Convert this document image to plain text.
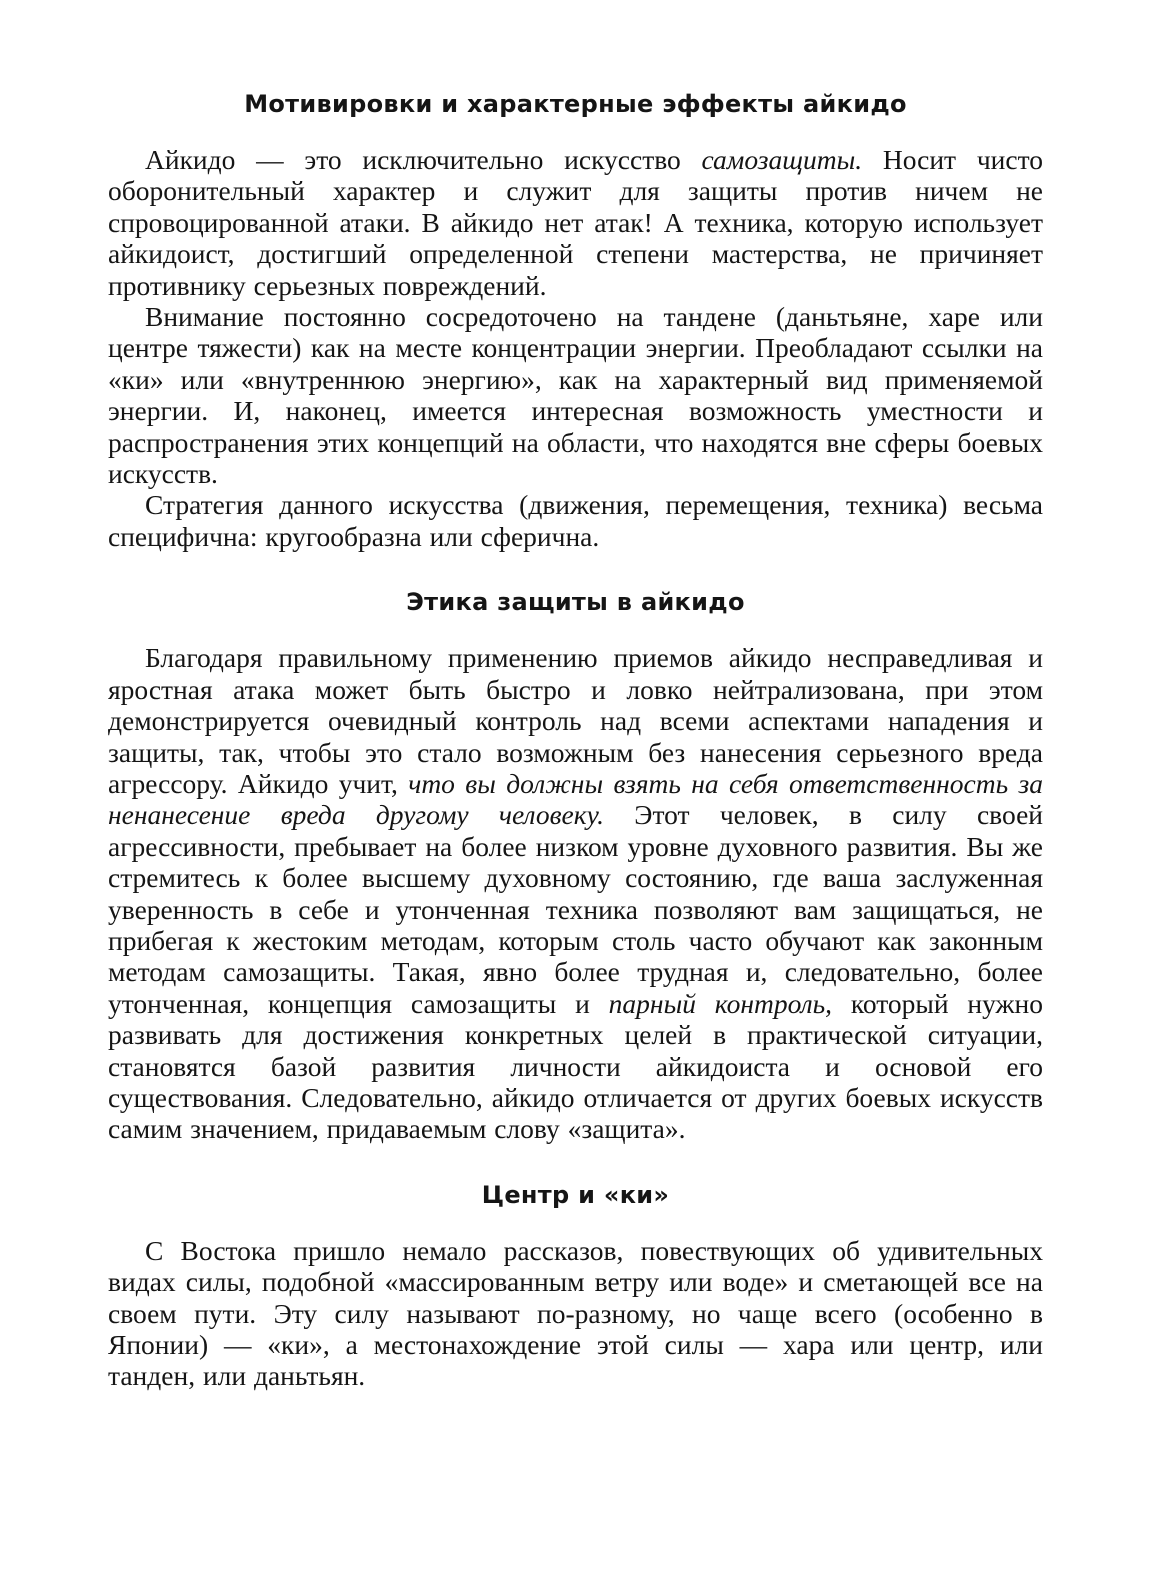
Мотивировки и характерные эффекты айкидо

Айкидо — это исключительно искусство самозащиты. Носит чисто оборонительный характер и служит для защиты против ничем не спровоцированной атаки. В айкидо нет атак! А техника, которую использует айкидоист, достигший определенной степени мастерства, не причиняет противнику серьезных повреждений.

Внимание постоянно сосредоточено на тандене (даньтьяне, харе или центре тяжести) как на месте концентрации энергии. Преобладают ссылки на «ки» или «внутреннюю энергию», как на характерный вид применяемой энергии. И, наконец, имеется интересная возможность уместности и распространения этих концепций на области, что находятся вне сферы боевых искусств.

Стратегия данного искусства (движения, перемещения, техника) весьма специфична: кругообразна или сферична.

Этика защиты в айкидо

Благодаря правильному применению приемов айкидо несправедливая и яростная атака может быть быстро и ловко нейтрализована, при этом демонстрируется очевидный контроль над всеми аспектами нападения и защиты, так, чтобы это стало возможным без нанесения серьезного вреда агрессору. Айкидо учит, что вы должны взять на себя ответственность за ненанесение вреда другому человеку. Этот человек, в силу своей агрессивности, пребывает на более низком уровне духовного развития. Вы же стремитесь к более высшему духовному состоянию, где ваша заслуженная уверенность в себе и утонченная техника позволяют вам защищаться, не прибегая к жестоким методам, которым столь часто обучают как законным методам самозащиты. Такая, явно более трудная и, следовательно, более утонченная, концепция самозащиты и парный контроль, который нужно развивать для достижения конкретных целей в практической ситуации, становятся базой развития личности айкидоиста и основой его существования. Следовательно, айкидо отличается от других боевых искусств самим значением, придаваемым слову «защита».

Центр и «ки»

С Востока пришло немало рассказов, повествующих об удивительных видах силы, подобной «массированным ветру или воде» и сметающей все на своем пути. Эту силу называют по-разному, но чаще всего (особенно в Японии) — «ки», а местонахождение этой силы — хара или центр, или танден, или даньтьян.
